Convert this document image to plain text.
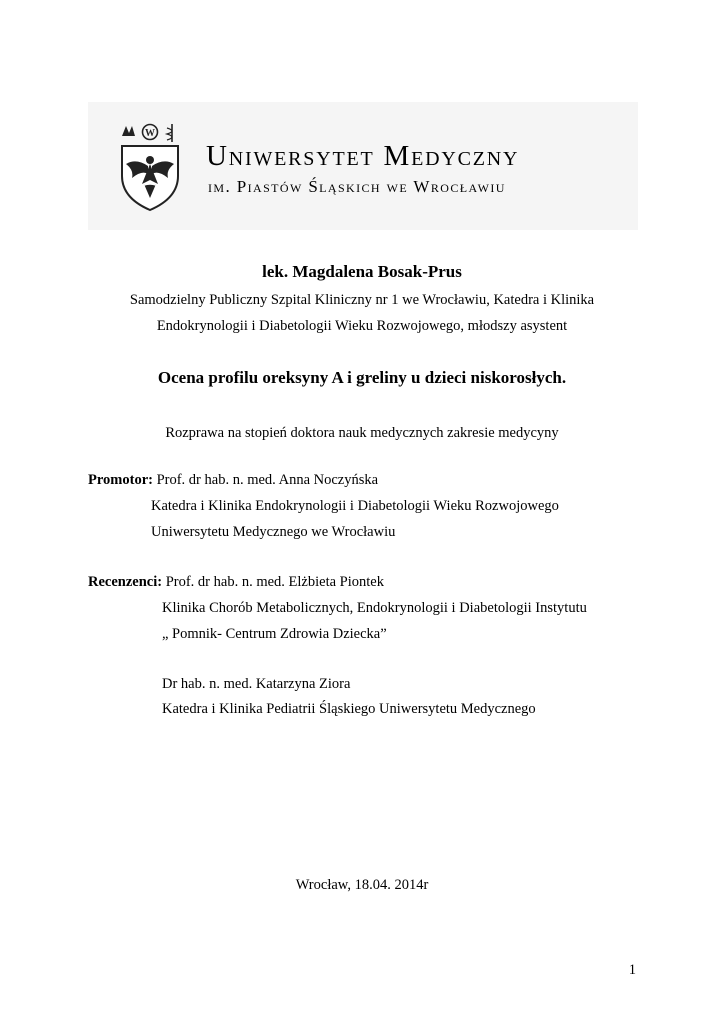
W
Uniwersytet Medyczny
im. Piastów Śląskich we Wrocławiu
lek. Magdalena Bosak-Prus
Samodzielny Publiczny Szpital Kliniczny nr 1 we Wrocławiu, Katedra i Klinika
Endokrynologii i Diabetologii Wieku Rozwojowego, młodszy asystent
Ocena profilu oreksyny A i greliny u dzieci niskorosłych.
Rozprawa na stopień doktora nauk medycznych zakresie medycyny
Promotor: Prof. dr hab. n. med. Anna Noczyńska
Katedra i Klinika Endokrynologii i Diabetologii Wieku Rozwojowego
Uniwersytetu Medycznego we Wrocławiu
Recenzenci: Prof. dr hab. n. med. Elżbieta Piontek
Klinika Chorób Metabolicznych, Endokrynologii i Diabetologii Instytutu
„ Pomnik- Centrum Zdrowia Dziecka”
Dr hab. n. med. Katarzyna Ziora
Katedra i Klinika Pediatrii Śląskiego Uniwersytetu Medycznego
Wrocław, 18.04. 2014r
1
